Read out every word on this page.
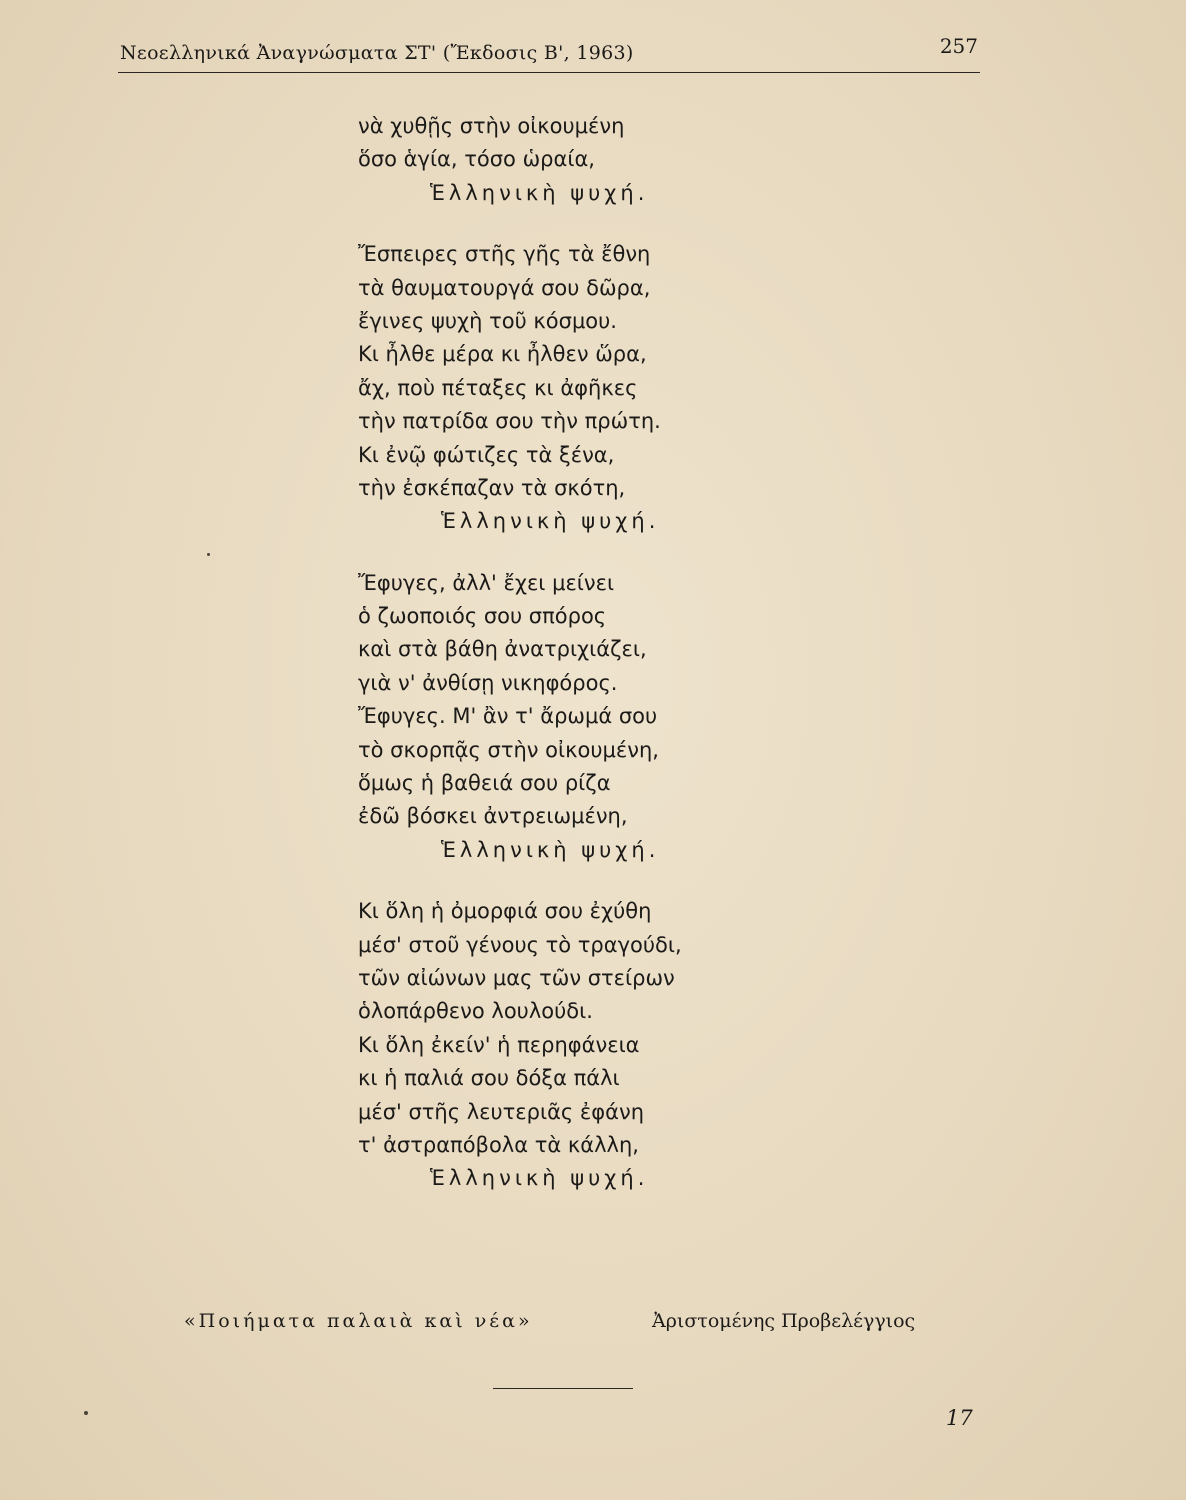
Νεοελληνικά Ἀναγνώσματα ΣΤ' (Ἔκδοσις Β', 1963)	257
νὰ χυθῇς στὴν οἰκουμένη
ὅσο ἁγία, τόσο ὡραία,
Ἑλληνικὴ ψυχή.
Ἔσπειρες στῆς γῆς τὰ ἔθνη
τὰ θαυματουργά σου δῶρα,
ἔγινες ψυχὴ τοῦ κόσμου.
Κι ἦλθε μέρα κι ἦλθεν ὥρα,
ἄχ, ποὺ πέταξες κι ἀφῆκες
τὴν πατρίδα σου τὴν πρώτη.
Κι ἐνῷ φώτιζες τὰ ξένα,
τὴν ἐσκέπαζαν τὰ σκότη,
Ἑλληνικὴ ψυχή.
Ἔφυγες, ἀλλ' ἔχει μείνει
ὁ ζωοποιός σου σπόρος
καὶ στὰ βάθη ἀνατριχιάζει,
γιὰ ν' ἀνθίσῃ νικηφόρος.
Ἔφυγες. Μ' ἂν τ' ἄρωμά σου
τὸ σκορπᾷς στὴν οἰκουμένη,
ὅμως ἡ βαθειά σου ρίζα
ἐδῶ βόσκει ἀντρειωμένη,
Ἑλληνικὴ ψυχή.
Κι ὅλη ἡ ὀμορφιά σου ἐχύθη
μέσ' στοῦ γένους τὸ τραγούδι,
τῶν αἰώνων μας τῶν στείρων
ὁλοπάρθενο λουλούδι.
Κι ὅλη ἐκείν' ἡ περηφάνεια
κι ἡ παλιά σου δόξα πάλι
μέσ' στῆς λευτεριᾶς ἐφάνη
τ' ἀστραπόβολα τὰ κάλλη,
Ἑλληνικὴ ψυχή.
«Ποιήματα παλαιὰ καὶ νέα»	Ἀριστομένης Προβελέγγιος
17
